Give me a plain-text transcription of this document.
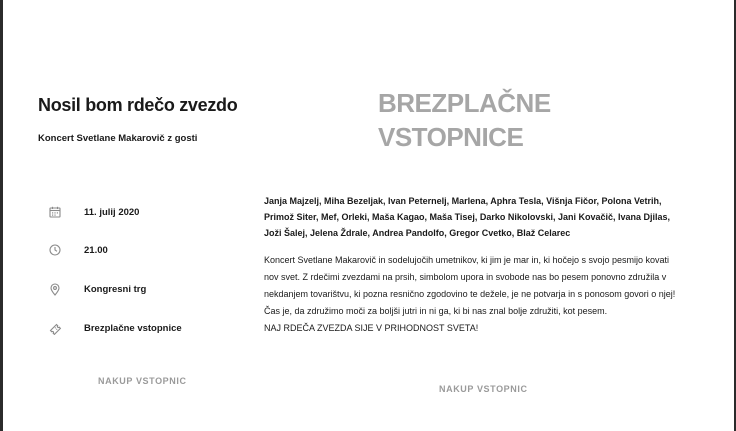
Nosil bom rdečo zvezdo
Koncert Svetlane Makarovič z gosti
BREZPLAČNE
VSTOPNICE
11. julij 2020
21.00
Kongresni trg
Brezplačne vstopnice

Janja Majzelj, Miha Bezeljak, Ivan Peternelj, Marlena, Aphra Tesla, Višnja Fičor, Polona Vetrih, Primož Siter, Mef, Orleki, Maša Kagao, Maša Tisej, Darko Nikolovski, Jani Kovačič, Ivana Djilas, Joži Šalej, Jelena Ždrale, Andrea Pandolfo, Gregor Cvetko, Blaž Celarec

Koncert Svetlane Makarovič in sodelujočih umetnikov, ki jim je mar in, ki hočejo s svojo pesmijo kovati nov svet. Z rdečimi zvezdami na prsih, simbolom upora in svobode nas bo pesem ponovno združila v nekdanjem tovarištvu, ki pozna resnično zgodovino te dežele, je ne potvarja in s ponosom govori o njej! Čas je, da združimo moči za boljši jutri in ni ga, ki bi nas znal bolje združiti, kot pesem.

NAJ RDEČA ZVEZDA SIJE V PRIHODNOST SVETA!

NAKUP VSTOPNIC
NAKUP VSTOPNIC
